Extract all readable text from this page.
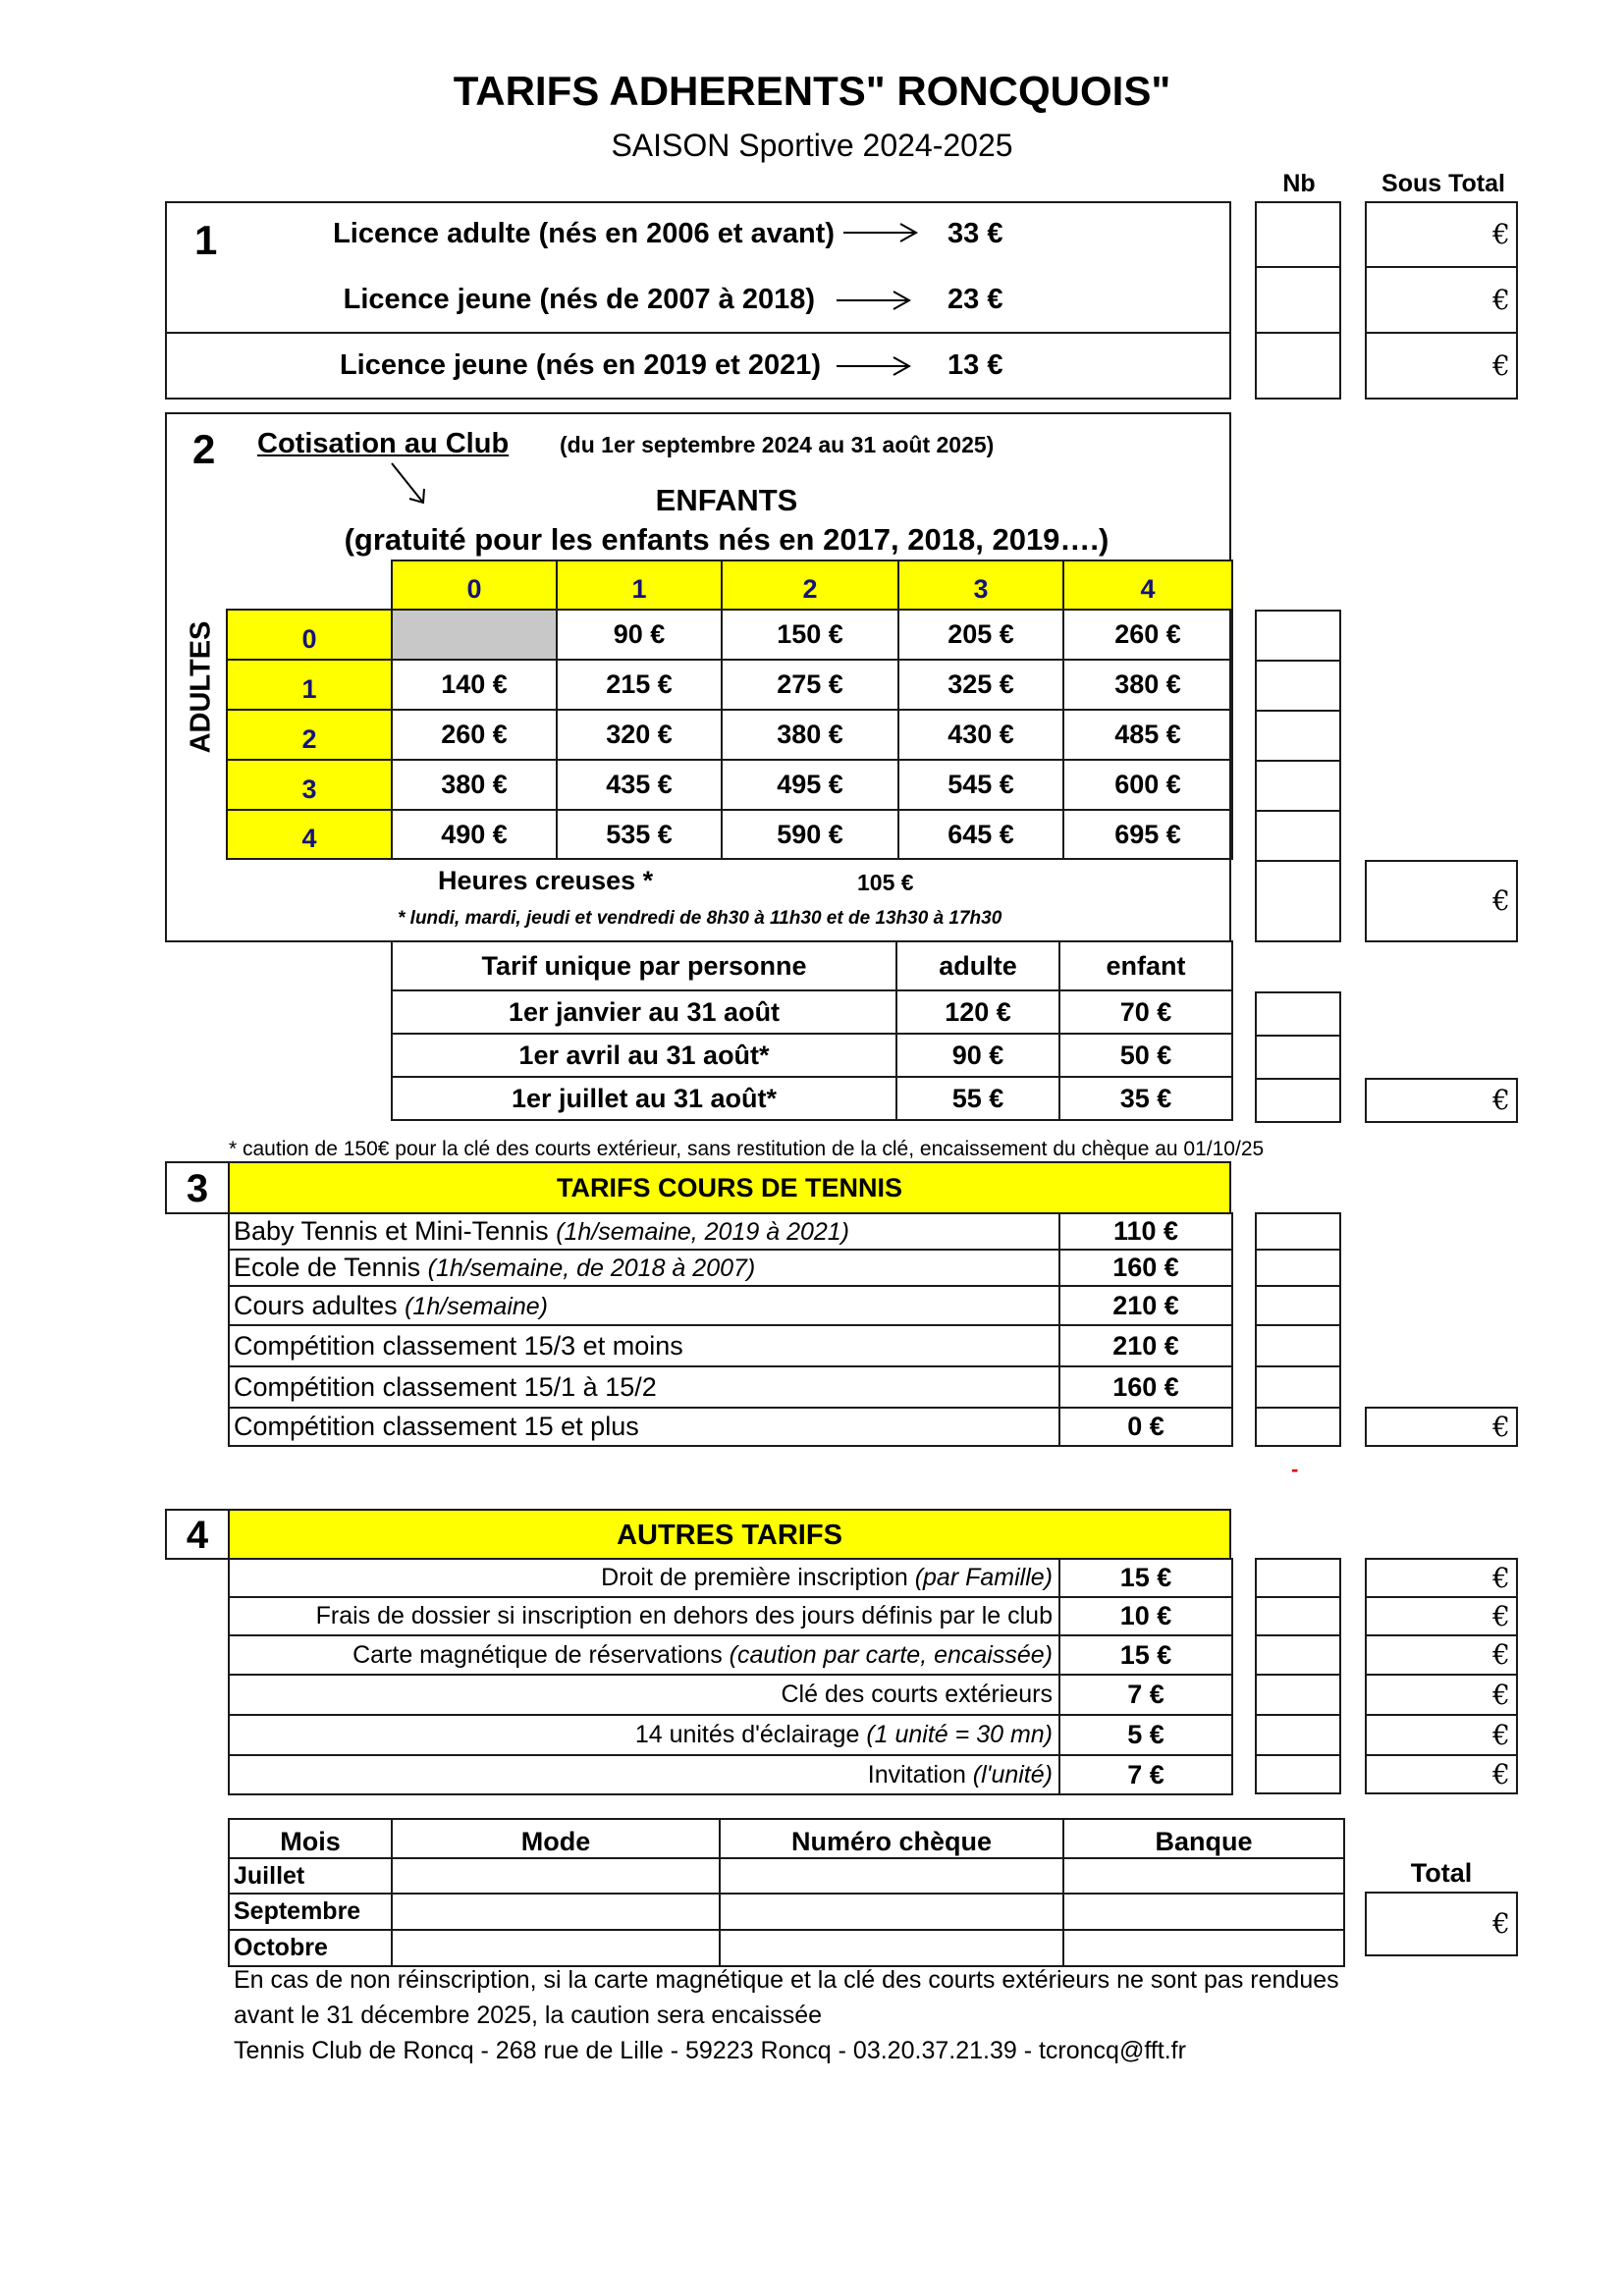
TARIFS ADHERENTS" RONCQUOIS"
SAISON Sportive 2024-2025
Nb	Sous Total
1	Licence adulte (nés en 2006 et avant)	33 €
Licence jeune (nés de 2007 à 2018)	23 €
Licence jeune (nés en 2019 et 2021)	13 €
€
€
€
2 Cotisation au Club (du 1er septembre 2024 au 31 août 2025)
ENFANTS
(gratuité pour les enfants nés en 2017, 2018, 2019….)
ADULTES
	0	1	2	3	4
0		90 €	150 €	205 €	260 €
1	140 €	215 €	275 €	325 €	380 €
2	260 €	320 €	380 €	430 €	485 €
3	380 €	435 €	495 €	545 €	600 €
4	490 €	535 €	590 €	645 €	695 €
Heures creuses *	105 €
* lundi, mardi, jeudi et vendredi de 8h30 à 11h30 et de 13h30 à 17h30
€
Tarif unique par personne	adulte	enfant
1er janvier au 31 août	120 €	70 €
1er avril au 31 août*	90 €	50 €
1er juillet au 31 août*	55 €	35 €	€
* caution de 150€ pour la clé des courts extérieur, sans restitution de la clé, encaissement du chèque au 01/10/25
3	TARIFS COURS DE TENNIS
Baby Tennis et Mini-Tennis (1h/semaine, 2019 à 2021)	110 €
Ecole de Tennis (1h/semaine, de 2018 à 2007)	160 €
Cours adultes (1h/semaine)	210 €
Compétition classement 15/3 et moins	210 €
Compétition classement 15/1 à 15/2	160 €
Compétition classement 15 et plus	0 €	€
-
4	AUTRES TARIFS
Droit de première inscription (par Famille)	15 €
Frais de dossier si inscription en dehors des jours définis par le club	10 €
Carte magnétique de réservations (caution par carte, encaissée)	15 €
Clé des courts extérieurs	7 €
14 unités d'éclairage (1 unité = 30 mn)	5 €
Invitation (l'unité)	7 €
€
€
€
€
€
€
Mois	Mode	Numéro chèque	Banque
Juillet			
Septembre			
Octobre			
Total
€
En cas de non réinscription, si la carte magnétique et la clé des courts extérieurs ne sont pas rendues
avant le 31 décembre 2025, la caution sera encaissée
Tennis Club de Roncq - 268 rue de Lille - 59223 Roncq - 03.20.37.21.39 - tcroncq@fft.fr
